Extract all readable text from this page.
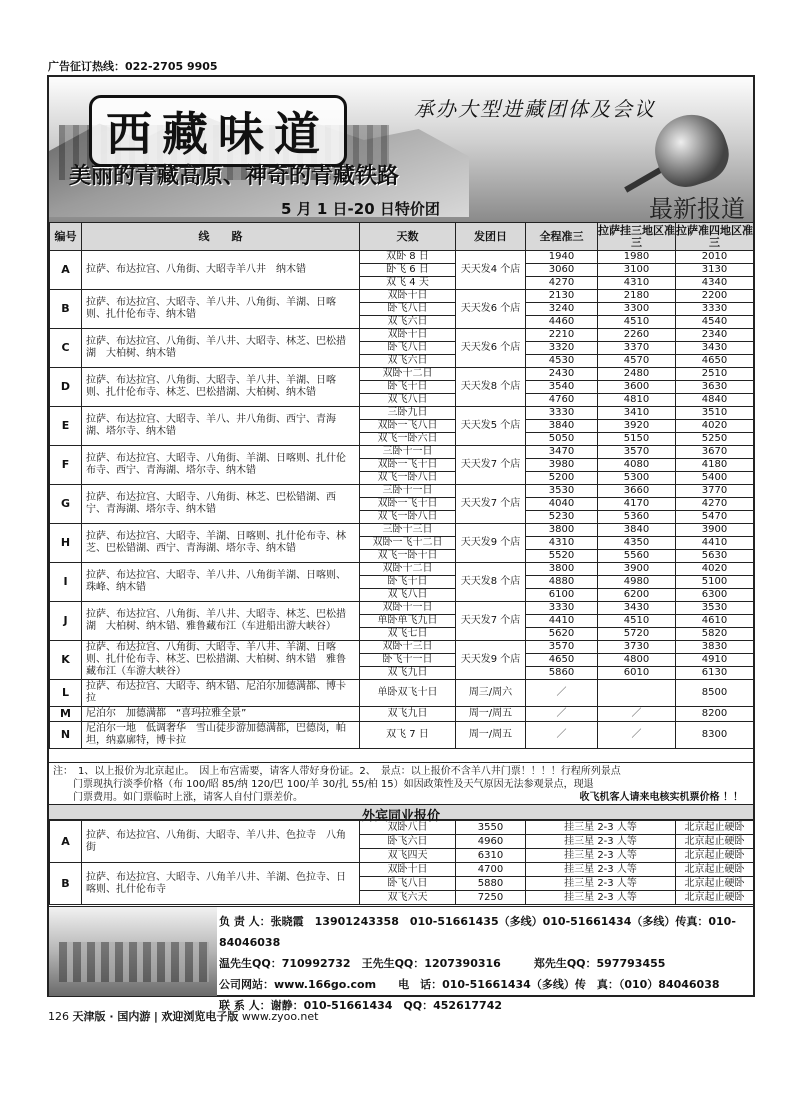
广告征订热线：022-2705 9905
西藏味道	承办大型进藏团体及会议
美丽的青藏高原、神奇的青藏铁路
5 月 1 日-20 日特价团	最新报道
编号	线　　路	天数	发团日	全程准三	拉萨挂三地区准三	拉萨准四地区准三
A	拉萨、布达拉宫、八角街、大昭寺羊八井　纳木错	双卧 8 日	天天发4 个店	1940	1980	2010
		卧飞 6 日		3060	3100	3130
		双飞 4 天		4270	4310	4340
B	拉萨、布达拉宫、大昭寺、羊八井、八角街、羊湖、日喀则、扎什伦布寺、纳木错	双卧十日	天天发6 个店	2130	2180	2200
		卧飞八日		3240	3300	3330
		双飞六日		4460	4510	4540
C	拉萨、布达拉宫、八角街、羊八井、大昭寺、林芝、巴松措湖　大柏树、纳木错	双卧十日	天天发6 个店	2210	2260	2340
		卧飞八日		3320	3370	3430
		双飞六日		4530	4570	4650
D	拉萨、布达拉宫、八角街、大昭寺、羊八井、羊湖、日喀则、扎什伦布寺、林芝、巴松措湖、大柏树、纳木错	双卧十二日	天天发8 个店	2430	2480	2510
		卧飞十日		3540	3600	3630
		双飞八日		4760	4810	4840
E	拉萨、布达拉宫、大昭寺、羊八、井八角街、西宁、青海湖、塔尔寺、纳木错	三卧九日	天天发5 个店	3330	3410	3510
		双卧一飞八日		3840	3920	4020
		双飞一卧六日		5050	5150	5250
F	拉萨、布达拉宫、大昭寺、八角街、羊湖、日喀则、扎什伦布寺、西宁、青海湖、塔尔寺、纳木错	三卧十一日	天天发7 个店	3470	3570	3670
		双卧一飞十日		3980	4080	4180
		双飞一卧八日		5200	5300	5400
G	拉萨、布达拉宫、大昭寺、八角街、林芝、巴松错湖、西宁、青海湖、塔尔寺、纳木错	三卧十一日	天天发7 个店	3530	3660	3770
		双卧一飞十日		4040	4170	4270
		双飞一卧八日		5230	5360	5470
H	拉萨、布达拉宫、大昭寺、羊湖、日喀则、扎什伦布寺、林芝、巴松错湖、西宁、青海湖、塔尔寺、纳木错	三卧十三日	天天发9 个店	3800	3840	3900
		双卧一飞十二日		4310	4350	4410
		双飞一卧十日		5520	5560	5630
I	拉萨、布达拉宫、大昭寺、羊八井、八角街羊湖、日喀则、珠峰、纳木错	双卧十二日	天天发8 个店	3800	3900	4020
		卧飞十日		4880	4980	5100
		双飞八日		6100	6200	6300
J	拉萨、布达拉宫、八角街、羊八井、大昭寺、林芝、巴松措湖　大柏树、纳木错、雅鲁藏布江（车进船出游大峡谷）	双卧十一日	天天发7 个店	3330	3430	3530
		单卧单飞九日		4410	4510	4610
		双飞七日		5620	5720	5820
K	拉萨、布达拉宫、八角街、大昭寺、羊八井、羊湖、日喀则、扎什伦布寺、林芝、巴松措湖、大柏树、纳木错　雅鲁藏布江（车游大峡谷）	双卧十三日	天天发9 个店	3570	3730	3830
		卧飞十一日		4650	4800	4910
		双飞九日		5860	6010	6130
L	拉萨、布达拉宫、大昭寺、纳木错、尼泊尔加德满都、博卡拉	单卧双飞十日	周三/周六	／		8500
M	尼泊尔　加德满都　“喜玛拉雅全景”	双飞九日	周一/周五	／	／	8200
N	尼泊尔一地　低调奢华　雪山徒步游加德满都，巴德岗，帕坦，纳嘉廓特，博卡拉	双飞 7 日	周一/周五	／	／	8300
注：　1、以上报价为北京起止。　因上布宫需要，请客人带好身份证。2、　景点：以上报价不含羊八井门票！！！！行程所列景点
　　门票现执行淡季价格（布 100/昭 85/纳 120/巴 100/羊 30/扎 55/柏 15）如因政策性及天气原因无法参观景点，现退
　　门票费用。如门票临时上涨，请客人自付门票差价。	收飞机客人请来电核实机票价格 ！！
外宾同业报价
A	拉萨、布达拉宫、八角街、大昭寺、羊八井、色拉寺　八角街	双卧八日	3550	挂三星 2-3 人等	北京起止硬卧
		卧飞六日	4960	挂三星 2-3 人等	北京起止硬卧
		双飞四天	6310	挂三星 2-3 人等	北京起止硬卧
B	拉萨、布达拉宫、大昭寺、八角羊八井、羊湖、色拉寺、日喀则、扎什伦布寺	双卧十日	4700	挂三星 2-3 人等	北京起止硬卧
		卧飞八日	5880	挂三星 2-3 人等	北京起止硬卧
		双飞六天	7250	挂三星 2-3 人等	北京起止硬卧
负 责 人：张晓霞　13901243358　010-51661435（多线）010-51661434（多线）传真：010-84046038
温先生QQ：710992732　王先生QQ：1207390316　　　郑先生QQ：597793455
公司网站：www.166go.com　　电　话：010-51661434（多线）传　真：（010）84046038
联 系 人：谢静：010-51661434　QQ：452617742
126 天津版 · 国内游 | 欢迎浏览电子版 www.zyoo.net
